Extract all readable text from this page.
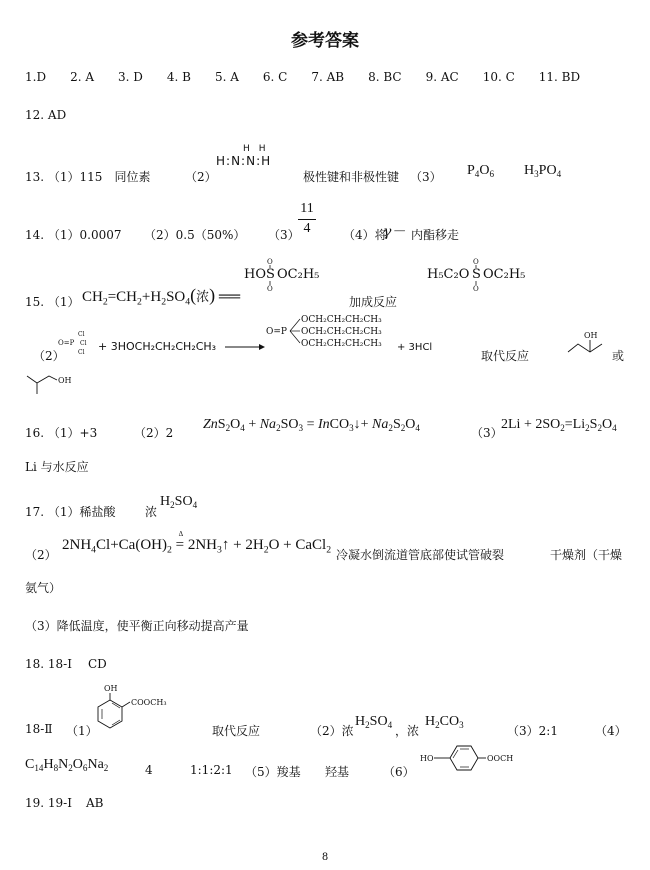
参考答案
1.D　　2. A　　3. D　　4. B　　5. A　　6. C　　7. AB　　8. BC　　9. AC　　10. C　　11. BD
12. AD
13. （1）115　同位素	（2）
H　H
H:N:N:H
极性键和非极性键 （3） $P_4O_6$ $H_3PO_4$
14. （1）0.0007 （2）0.5（50%） （3）
11
4	（4）将
γ－ 内酯移走
15. （1） $CH_2=CH_2+H_2SO_4$(浓) ══
HO S OC₂H₅
O
O
H₅C₂O S OC₂H₅
O
O
加成反应
（2）
O=P
Cl
Cl
Cl + 3HOCH₂CH₂CH₂CH₃
O=P
OCH₂CH₂CH₂CH₃
OCH₂CH₂CH₂CH₃
OCH₂CH₂CH₂CH₃ + 3HCl
取代反应
OH
或
OH
16. （1）+3	（2）2
$ZnS_2O_4 + Na_2SO_3$ = InCO$_3$↓+ $Na_2S_2O_4$	（3）
$2Li + 2SO_2=Li_2S_2O_4$
Li 与水反应
17. （1）稀盐酸 浓
$H_2SO_4$
（2）
$2NH_4Cl+Ca(OH)_2$ =
Δ
$2NH_3↑ + 2H_2O$ + CaCl$_2$ 冷凝水倒流道管底部使试管破裂	干燥剂（干燥
氨气）
（3）降低温度，使平衡正向移动提高产量
18. 18-Ⅰ CD
OH
COOCH₃
18-Ⅱ （1）	取代反应	（2）浓
$H_2SO_4$ ，浓
$H_2CO_3$	（3）2:1	（4）
$C_{14}H_8N_2O_6Na_2$	4	1:1:2:1 （5）羧基 羟基	（6）
HO	OOCH
19. 19-Ⅰ AB
8
